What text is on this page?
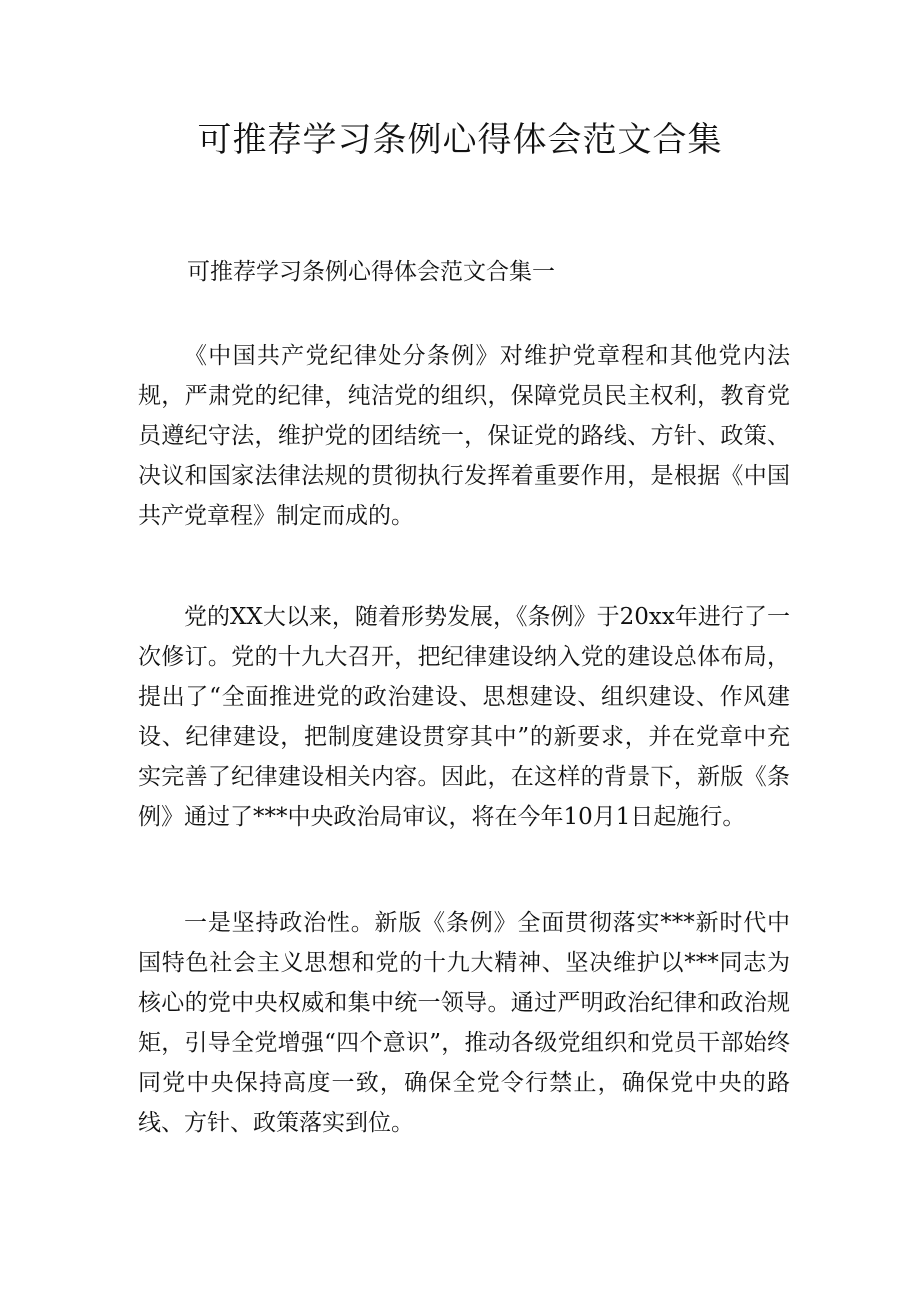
可推荐学习条例心得体会范文合集

可推荐学习条例心得体会范文合集一

《中国共产党纪律处分条例》对维护党章程和其他党内法规，严肃党的纪律，纯洁党的组织，保障党员民主权利，教育党员遵纪守法，维护党的团结统一，保证党的路线、方针、政策、决议和国家法律法规的贯彻执行发挥着重要作用，是根据《中国共产党章程》制定而成的。

党的XX大以来，随着形势发展，《条例》于20xx年进行了一次修订。党的十九大召开，把纪律建设纳入党的建设总体布局，提出了“全面推进党的政治建设、思想建设、组织建设、作风建设、纪律建设，把制度建设贯穿其中”的新要求，并在党章中充实完善了纪律建设相关内容。因此，在这样的背景下，新版《条例》通过了***中央政治局审议，将在今年10月1日起施行。

一是坚持政治性。新版《条例》全面贯彻落实***新时代中国特色社会主义思想和党的十九大精神、坚决维护以***同志为核心的党中央权威和集中统一领导。通过严明政治纪律和政治规矩，引导全党增强“四个意识”，推动各级党组织和党员干部始终同党中央保持高度一致，确保全党令行禁止，确保党中央的路线、方针、政策落实到位。
